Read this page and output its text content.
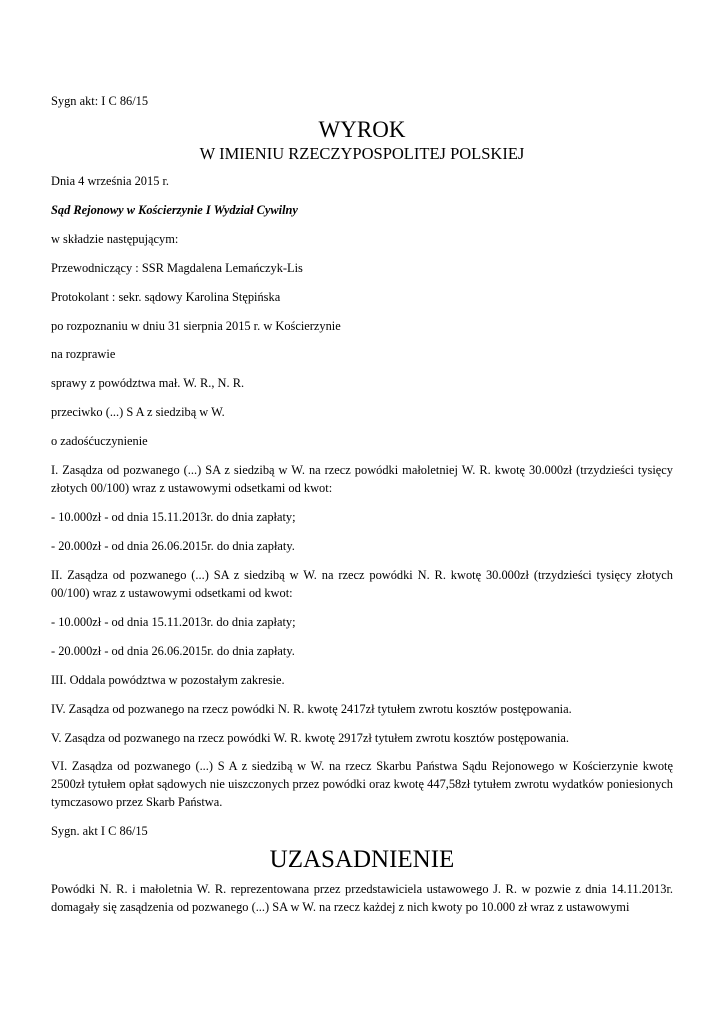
Sygn akt: I C 86/15
WYROK
W IMIENIU RZECZYPOSPOLITEJ POLSKIEJ
Dnia 4 września 2015 r.
Sąd Rejonowy w Kościerzynie I Wydział Cywilny
w składzie następującym:
Przewodniczący : SSR Magdalena Lemańczyk-Lis
Protokolant : sekr. sądowy Karolina Stępińska
po rozpoznaniu w dniu 31 sierpnia 2015 r. w Kościerzynie
na rozprawie
sprawy z powództwa mał. W. R., N. R.
przeciwko (...) S A z siedzibą w W.
o zadośćuczynienie
I. Zasądza od pozwanego (...) SA z siedzibą w W. na rzecz powódki małoletniej W. R. kwotę 30.000zł (trzydzieści tysięcy złotych 00/100) wraz z ustawowymi odsetkami od kwot:
- 10.000zł - od dnia 15.11.2013r. do dnia zapłaty;
- 20.000zł - od dnia 26.06.2015r. do dnia zapłaty.
II. Zasądza od pozwanego (...) SA z siedzibą w W. na rzecz powódki N. R. kwotę 30.000zł (trzydzieści tysięcy złotych 00/100) wraz z ustawowymi odsetkami od kwot:
- 10.000zł - od dnia 15.11.2013r. do dnia zapłaty;
- 20.000zł - od dnia 26.06.2015r. do dnia zapłaty.
III. Oddala powództwa w pozostałym zakresie.
IV. Zasądza od pozwanego na rzecz powódki N. R. kwotę 2417zł tytułem zwrotu kosztów postępowania.
V. Zasądza od pozwanego na rzecz powódki W. R. kwotę 2917zł tytułem zwrotu kosztów postępowania.
VI. Zasądza od pozwanego (...) S A z siedzibą w W. na rzecz Skarbu Państwa Sądu Rejonowego w Kościerzynie kwotę 2500zł tytułem opłat sądowych nie uiszczonych przez powódki oraz kwotę 447,58zł tytułem zwrotu wydatków poniesionych tymczasowo przez Skarb Państwa.
Sygn. akt I C 86/15
UZASADNIENIE
Powódki N. R. i małoletnia W. R. reprezentowana przez przedstawiciela ustawowego J. R. w pozwie z dnia 14.11.2013r. domagały się zasądzenia od pozwanego (...) SA w W. na rzecz każdej z nich kwoty po 10.000 zł wraz z ustawowymi
